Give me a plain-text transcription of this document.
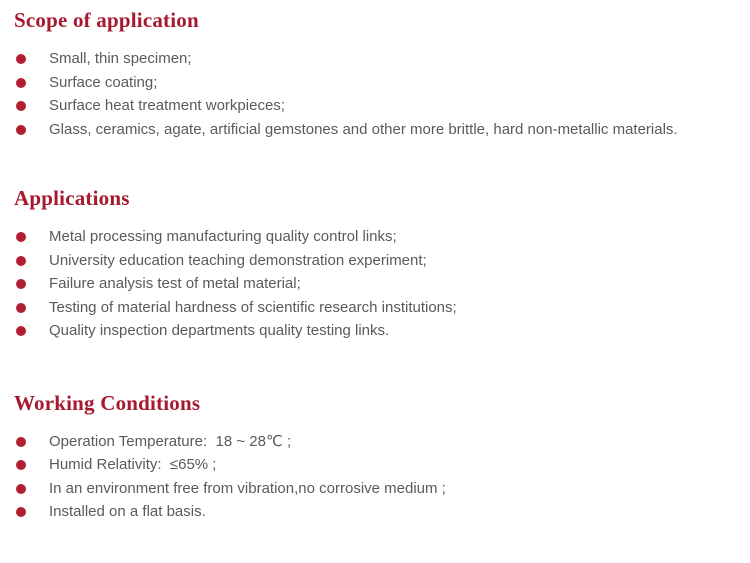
Scope of application
Small, thin specimen;
Surface coating;
Surface heat treatment workpieces;
Glass, ceramics, agate, artificial gemstones and other more brittle, hard non-metallic materials.
Applications
Metal processing manufacturing quality control links;
University education teaching demonstration experiment;
Failure analysis test of metal material;
Testing of material hardness of scientific research institutions;
Quality inspection departments quality testing links.
Working Conditions
Operation Temperature:  18 ~ 28℃ ;
Humid Relativity:  ≤65% ;
In an environment free from vibration,no corrosive medium ;
Installed on a flat basis.
